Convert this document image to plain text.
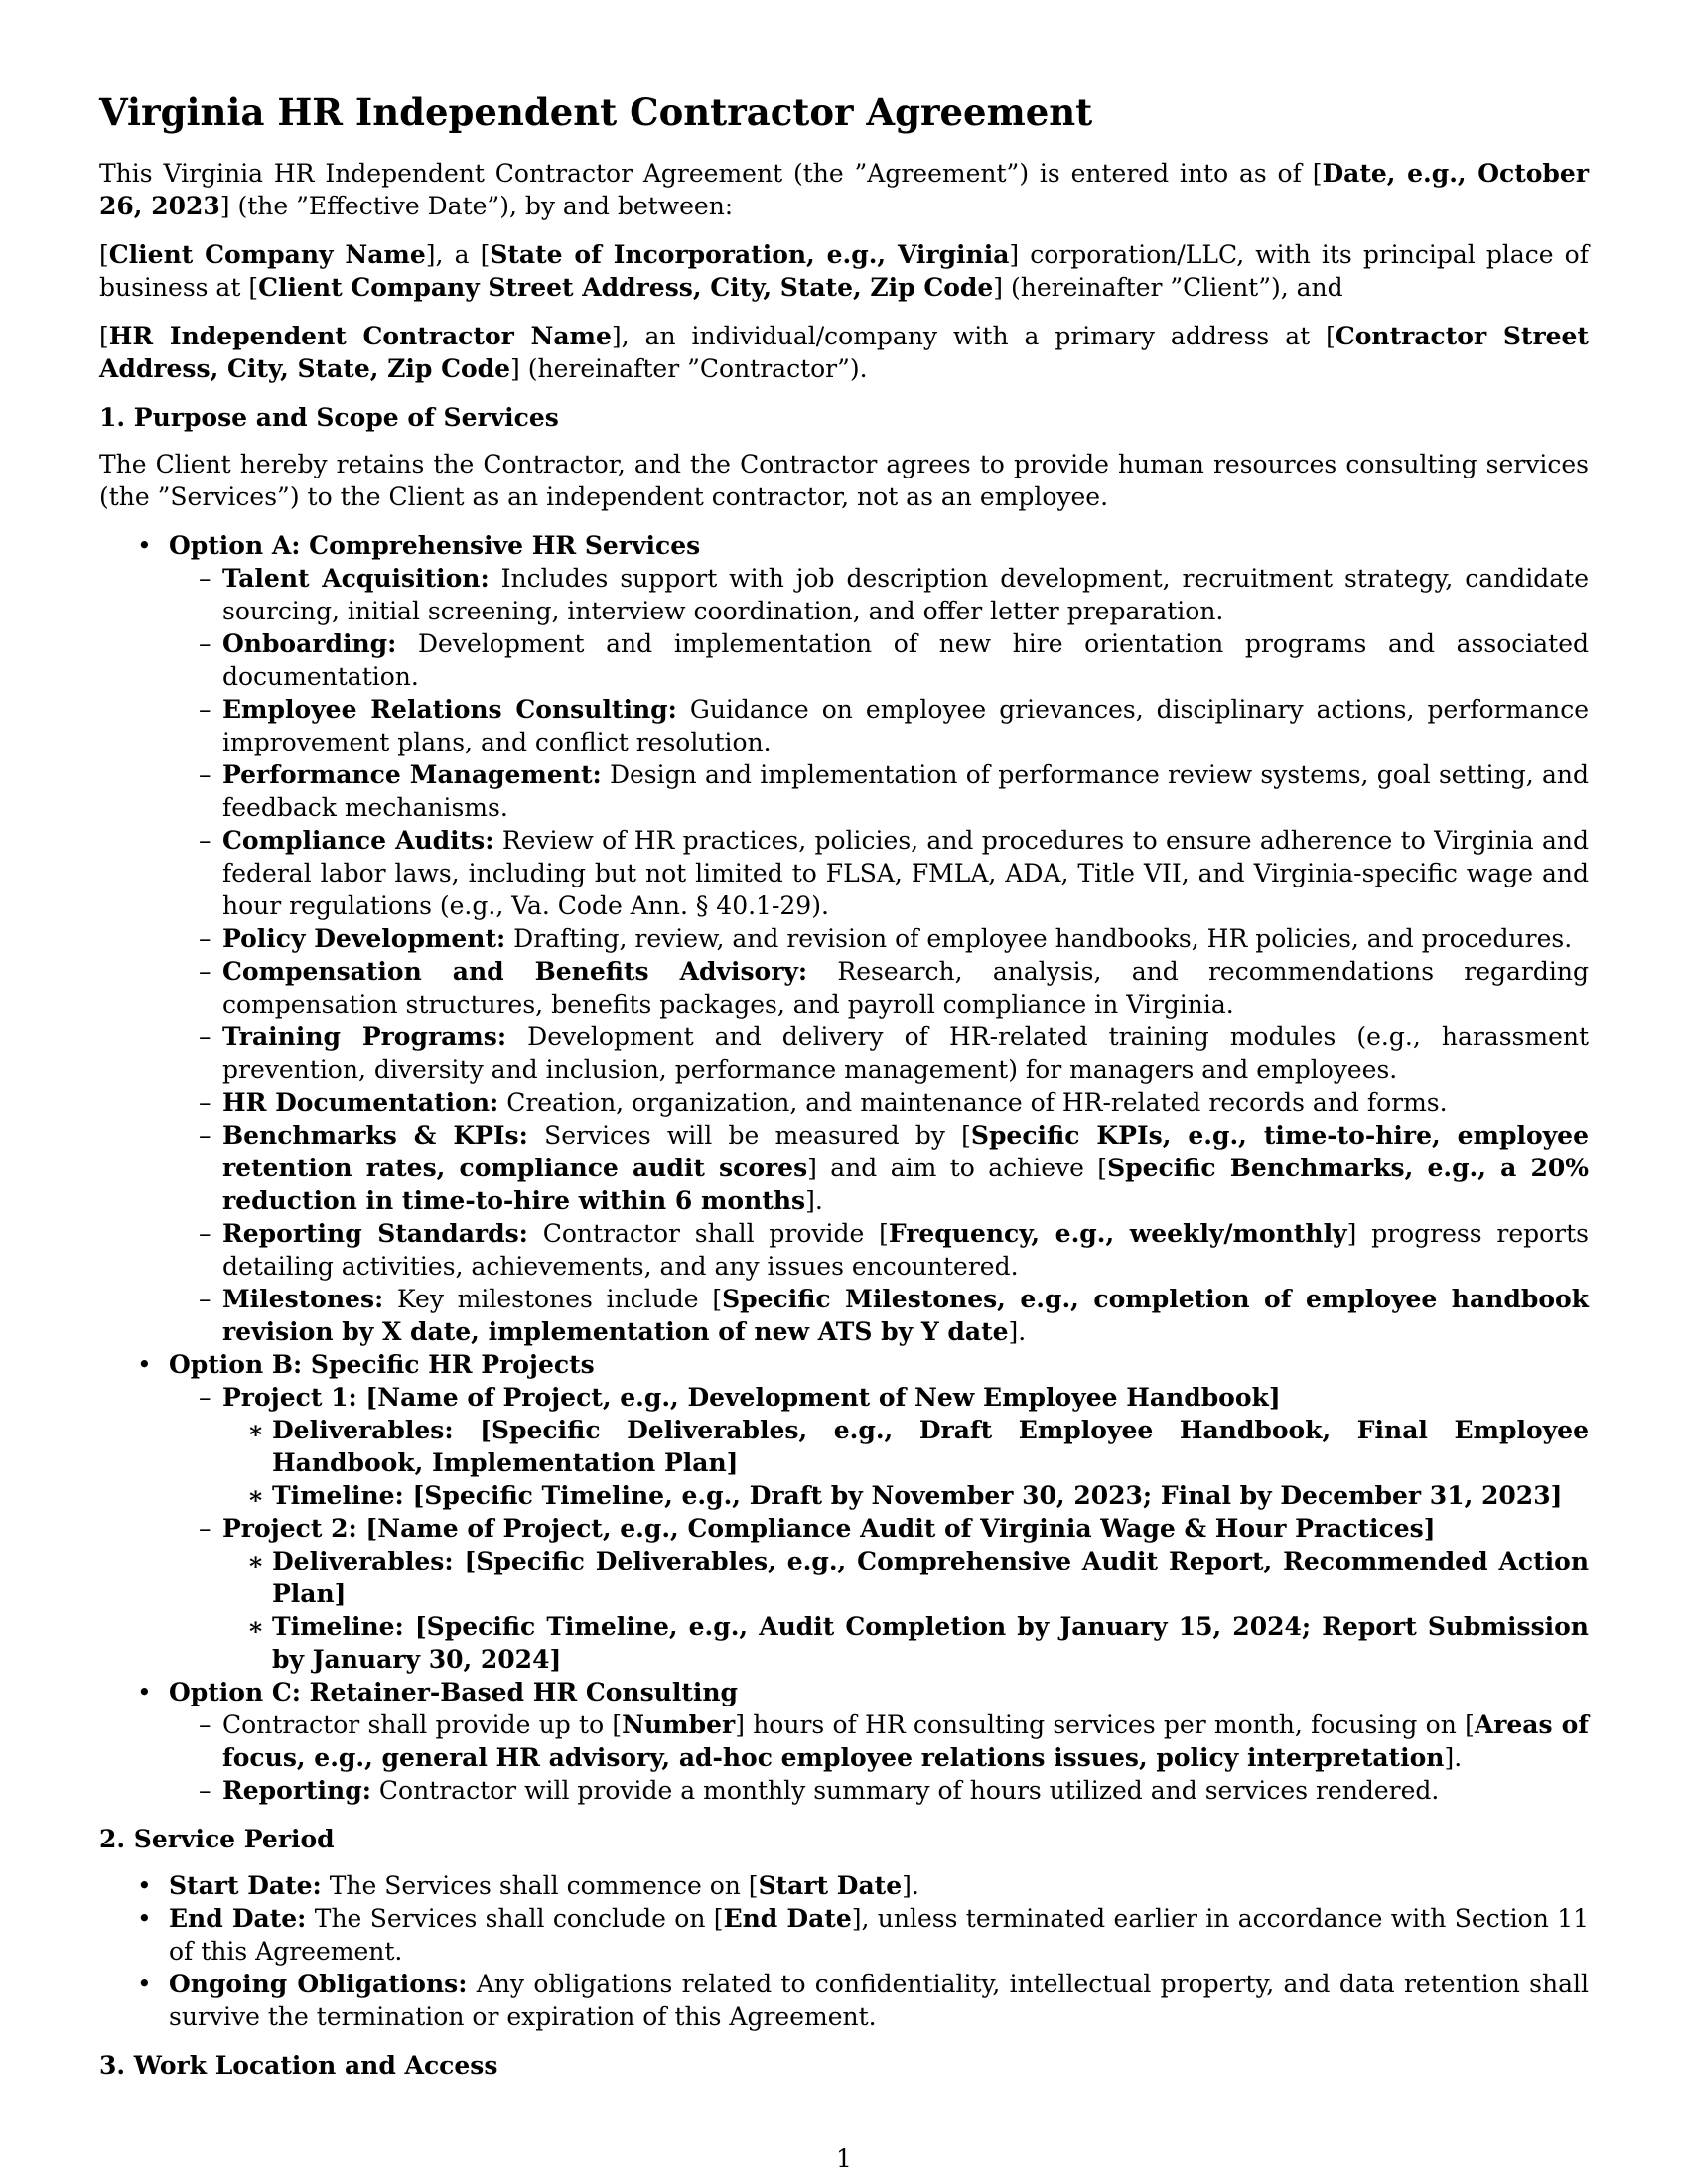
Virginia HR Independent Contractor Agreement

This Virginia HR Independent Contractor Agreement (the ”Agreement”) is entered into as of [Date, e.g., October 26, 2023] (the ”Effective Date”), by and between:

[Client Company Name], a [State of Incorporation, e.g., Virginia] corporation/LLC, with its principal place of business at [Client Company Street Address, City, State, Zip Code] (hereinafter ”Client”), and

[HR Independent Contractor Name], an individual/company with a primary address at [Contractor Street Address, City, State, Zip Code] (hereinafter ”Contractor”).

1. Purpose and Scope of Services

The Client hereby retains the Contractor, and the Contractor agrees to provide human resources consulting services (the ”Services”) to the Client as an independent contractor, not as an employee.

• Option A: Comprehensive HR Services
– Talent Acquisition: Includes support with job description development, recruitment strategy, candidate sourcing, initial screening, interview coordination, and offer letter preparation.
– Onboarding: Development and implementation of new hire orientation programs and associated documentation.
– Employee Relations Consulting: Guidance on employee grievances, disciplinary actions, performance improvement plans, and conflict resolution.
– Performance Management: Design and implementation of performance review systems, goal setting, and feedback mechanisms.
– Compliance Audits: Review of HR practices, policies, and procedures to ensure adherence to Virginia and federal labor laws, including but not limited to FLSA, FMLA, ADA, Title VII, and Virginia-specific wage and hour regulations (e.g., Va. Code Ann. § 40.1-29).
– Policy Development: Drafting, review, and revision of employee handbooks, HR policies, and procedures.
– Compensation and Benefits Advisory: Research, analysis, and recommendations regarding compensation structures, benefits packages, and payroll compliance in Virginia.
– Training Programs: Development and delivery of HR-related training modules (e.g., harassment prevention, diversity and inclusion, performance management) for managers and employees.
– HR Documentation: Creation, organization, and maintenance of HR-related records and forms.
– Benchmarks & KPIs: Services will be measured by [Specific KPIs, e.g., time-to-hire, employee retention rates, compliance audit scores] and aim to achieve [Specific Benchmarks, e.g., a 20% reduction in time-to-hire within 6 months].
– Reporting Standards: Contractor shall provide [Frequency, e.g., weekly/monthly] progress reports detailing activities, achievements, and any issues encountered.
– Milestones: Key milestones include [Specific Milestones, e.g., completion of employee handbook revision by X date, implementation of new ATS by Y date].
• Option B: Specific HR Projects
– Project 1: [Name of Project, e.g., Development of New Employee Handbook]
∗ Deliverables: [Specific Deliverables, e.g., Draft Employee Handbook, Final Employee Handbook, Implementation Plan]
∗ Timeline: [Specific Timeline, e.g., Draft by November 30, 2023; Final by December 31, 2023]
– Project 2: [Name of Project, e.g., Compliance Audit of Virginia Wage & Hour Practices]
∗ Deliverables: [Specific Deliverables, e.g., Comprehensive Audit Report, Recommended Action Plan]
∗ Timeline: [Specific Timeline, e.g., Audit Completion by January 15, 2024; Report Submission by January 30, 2024]
• Option C: Retainer-Based HR Consulting
– Contractor shall provide up to [Number] hours of HR consulting services per month, focusing on [Areas of focus, e.g., general HR advisory, ad-hoc employee relations issues, policy interpretation].
– Reporting: Contractor will provide a monthly summary of hours utilized and services rendered.
2. Service Period
• Start Date: The Services shall commence on [Start Date].
• End Date: The Services shall conclude on [End Date], unless terminated earlier in accordance with Section 11 of this Agreement.
• Ongoing Obligations: Any obligations related to confidentiality, intellectual property, and data retention shall survive the termination or expiration of this Agreement.
3. Work Location and Access
1
